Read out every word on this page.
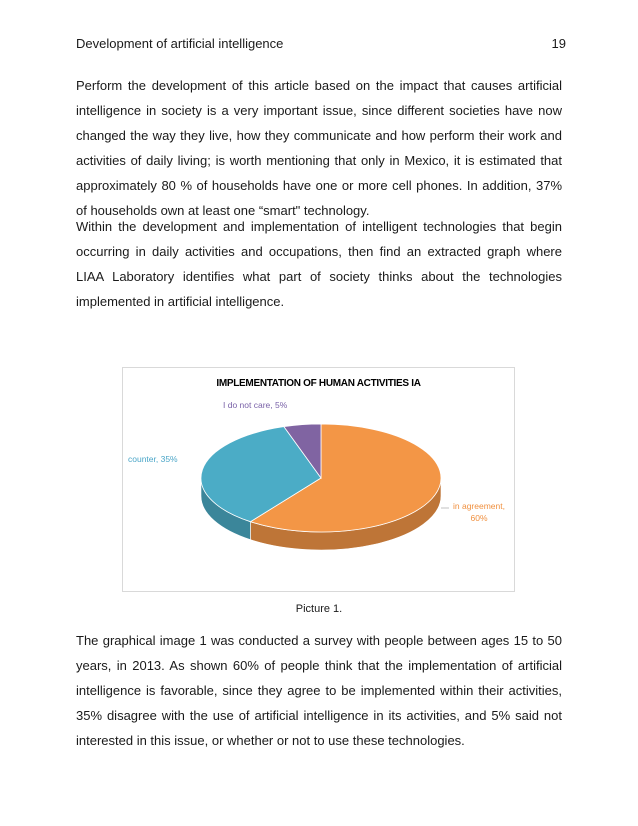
Development of artificial intelligence	19

Perform the development of this article based on the impact that causes artificial intelligence in society is a very important issue, since different societies have now changed the way they live, how they communicate and how perform their work and activities of daily living; is worth mentioning that only in Mexico, it is estimated that approximately 80 % of households have one or more cell phones. In addition, 37% of households own at least one “smart" technology.

Within the development and implementation of intelligent technologies that begin occurring in daily activities and occupations, then find an extracted graph where LIAA Laboratory identifies what part of society thinks about the technologies implemented in artificial intelligence.

IMPLEMENTATION OF HUMAN ACTIVITIES IA
I do not care, 5%
counter, 35%
in agreement, 60%
Picture 1.

The graphical image 1 was conducted a survey with people between ages 15 to 50 years, in 2013. As shown 60% of people think that the implementation of artificial intelligence is favorable, since they agree to be implemented within their activities, 35% disagree with the use of artificial intelligence in its activities, and 5% said not interested in this issue, or whether or not to use these technologies.
